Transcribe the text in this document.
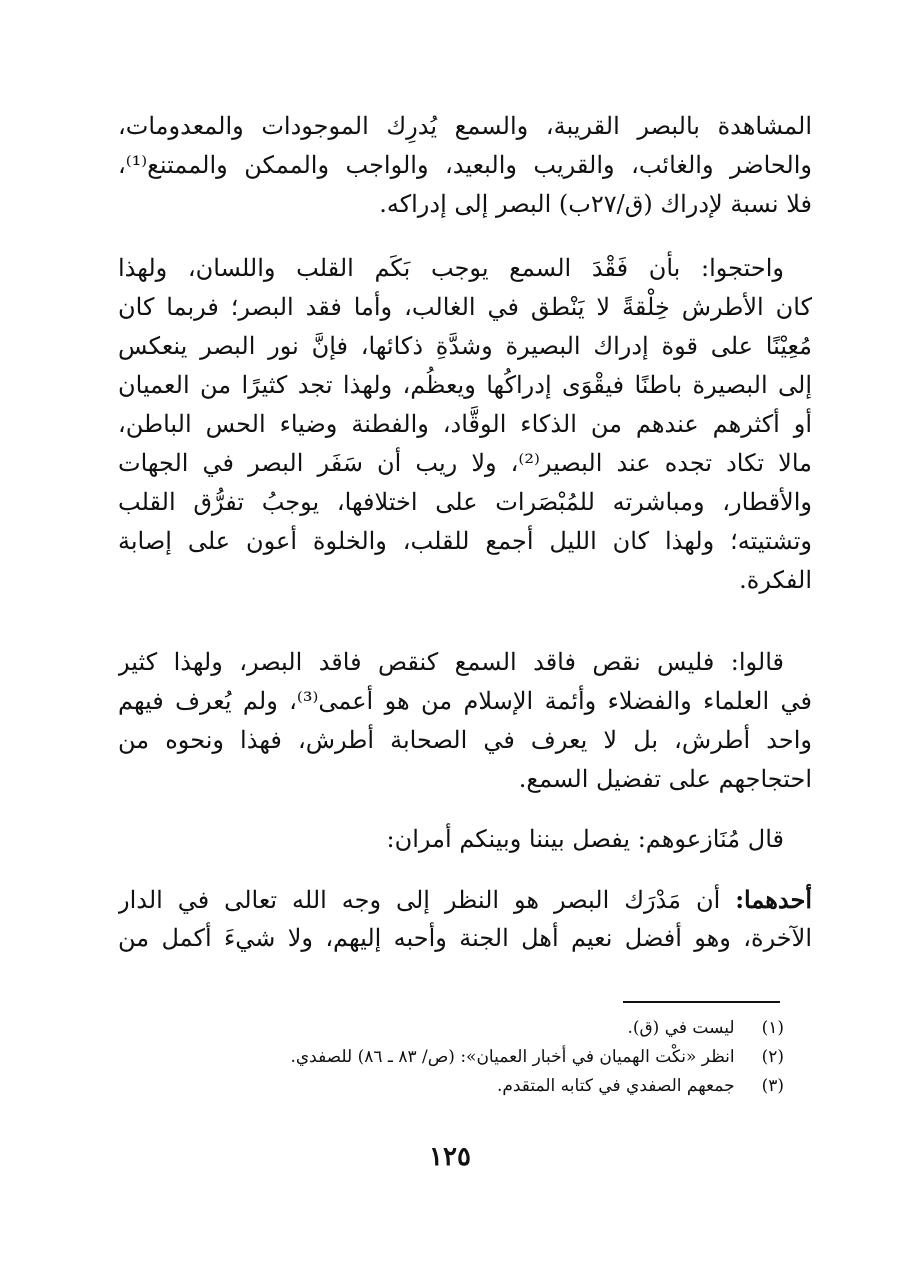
المشاهدة بالبصر القريبة، والسمع يُدرِك الموجودات والمعدومات،
والحاضر والغائب، والقريب والبعيد، والواجب والممكن والممتنع⁽¹⁾،
فلا نسبة لإدراك (ق/٢٧ب) البصر إلى إدراكه.
واحتجوا: بأن فَقْدَ السمع يوجب بَكَم القلب واللسان، ولهذا
كان الأطرش خِلْقةً لا يَنْطق في الغالب، وأما فقد البصر؛ فربما كان
مُعِيْنًا على قوة إدراك البصيرة وشدَّةِ ذكائها، فإنَّ نور البصر ينعكس
إلى البصيرة باطنًا فيقْوَى إدراكُها ويعظُم، ولهذا تجد كثيرًا من العميان
أو أكثرهم عندهم من الذكاء الوقَّاد، والفطنة وضياء الحس الباطن،
مالا تكاد تجده عند البصير⁽²⁾، ولا ريب أن سَفَر البصر في الجهات
والأقطار، ومباشرته للمُبْصَرات على اختلافها، يوجبُ تفرُّق القلب
وتشتيته؛ ولهذا كان الليل أجمع للقلب، والخلوة أعون على إصابة
الفكرة.
قالوا: فليس نقص فاقد السمع كنقص فاقد البصر، ولهذا كثير
في العلماء والفضلاء وأئمة الإسلام من هو أعمى⁽³⁾، ولم يُعرف فيهم
واحد أطرش، بل لا يعرف في الصحابة أطرش، فهذا ونحوه من
احتجاجهم على تفضيل السمع.
قال مُنَازعوهم: يفصل بيننا وبينكم أمران:
أحدهما: أن مَدْرَك البصر هو النظر إلى وجه الله تعالى في الدار
الآخرة، وهو أفضل نعيم أهل الجنة وأحبه إليهم، ولا شيءَ أكمل من
(١) ليست في (ق).
(٢) انظر «نكْت الهميان في أخبار العميان»: (ص/ ٨٣ ـ ٨٦) للصفدي.
(٣) جمعهم الصفدي في كتابه المتقدم.
١٢٥
